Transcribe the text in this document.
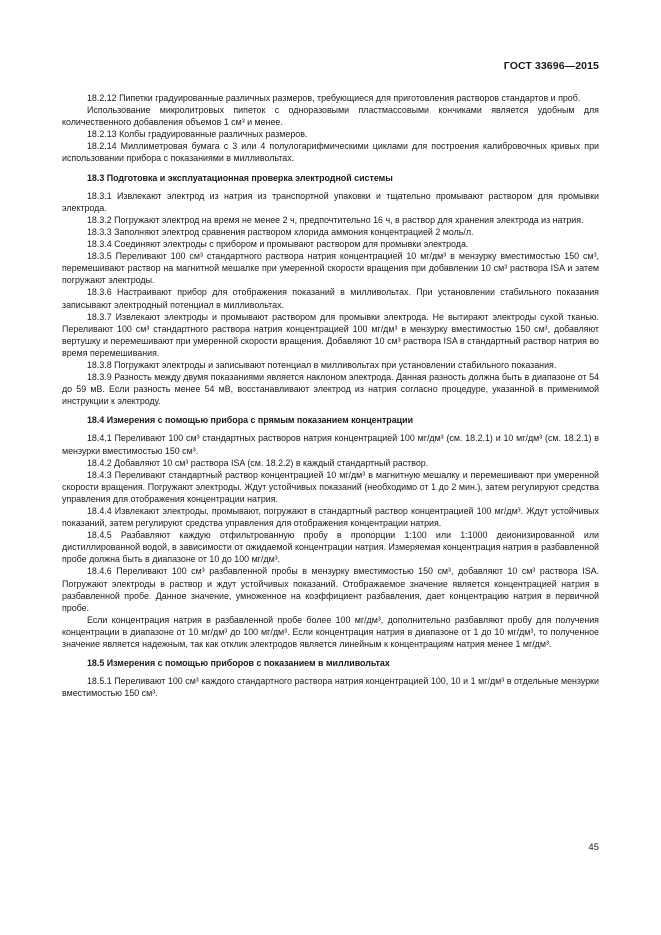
ГОСТ 33696—2015

18.2.12 Пипетки градуированные различных размеров, требующиеся для приготовления растворов стандартов и проб.

Использование микролитровых пипеток с одноразовыми пластмассовыми кончиками является удобным для количественного добавления объемов 1 см³ и менее.

18.2.13 Колбы градуированные различных размеров.

18.2.14 Миллиметровая бумага с 3 или 4 полулогарифмическими циклами для построения калибровочных кривых при использовании прибора с показаниями в милливольтах.

18.3 Подготовка и эксплуатационная проверка электродной системы

18.3.1 Извлекают электрод из натрия из транспортной упаковки и тщательно промывают раствором для промывки электрода.

18.3.2 Погружают электрод на время не менее 2 ч, предпочтительно 16 ч, в раствор для хранения электрода из натрия.

18.3.3 Заполняют электрод сравнения раствором хлорида аммония концентрацией 2 моль/л.

18.3.4 Соединяют электроды с прибором и промывают раствором для промывки электрода.

18.3.5 Переливают 100 см³ стандартного раствора натрия концентрацией 10 мг/дм³ в мензурку вместимостью 150 см³, перемешивают раствор на магнитной мешалке при умеренной скорости вращения при добавлении 10 см³ раствора ISA и затем погружают электроды.

18.3.6 Настраивают прибор для отображения показаний в милливольтах. При установлении стабильного показания записывают электродный потенциал в милливольтах.

18.3.7 Извлекают электроды и промывают раствором для промывки электрода. Не вытирают электроды сухой тканью. Переливают 100 см³ стандартного раствора натрия концентрацией 100 мг/дм³ в мензурку вместимостью 150 см³, добавляют вертушку и перемешивают при умеренной скорости вращения. Добавляют 10 см³ раствора ISA в стандартный раствор натрия во время перемешивания.

18.3.8 Погружают электроды и записывают потенциал в милливольтах при установлении стабильного показания.

18.3.9 Разность между двумя показаниями является наклоном электрода. Данная разность должна быть в диапазоне от 54 до 59 мВ. Если разность менее 54 мВ, восстанавливают электрод из натрия согласно процедуре, указанной в применимой инструкции к электроду.

18.4 Измерения с помощью прибора с прямым показанием концентрации

18.4.1 Переливают 100 см³ стандартных растворов натрия концентрацией 100 мг/дм³ (см. 18.2.1) и 10 мг/дм³ (см. 18.2.1) в мензурки вместимостью 150 см³.

18.4.2 Добавляют 10 см³ раствора ISA (см. 18.2.2) в каждый стандартный раствор.

18.4.3 Переливают стандартный раствор концентрацией 10 мг/дм³ в магнитную мешалку и перемешивают при умеренной скорости вращения. Погружают электроды. Ждут устойчивых показаний (необходимо от 1 до 2 мин.), затем регулируют средства управления для отображения концентрации натрия.

18.4.4 Извлекают электроды, промывают, погружают в стандартный раствор концентрацией 100 мг/дм³. Ждут устойчивых показаний, затем регулируют средства управления для отображения концентрации натрия.

18.4.5 Разбавляют каждую отфильтрованную пробу в пропорции 1:100 или 1:1000 деионизированной или дистиллированной водой, в зависимости от ожидаемой концентрации натрия. Измеряемая концентрация натрия в разбавленной пробе должна быть в диапазоне от 10 до 100 мг/дм³.

18.4.6 Переливают 100 см³ разбавленной пробы в мензурку вместимостью 150 см³, добавляют 10 см³ раствора ISA. Погружают электроды в раствор и ждут устойчивых показаний. Отображаемое значение является концентрацией натрия в разбавленной пробе. Данное значение, умноженное на коэффициент разбавления, дает концентрацию натрия в первичной пробе.

Если концентрация натрия в разбавленной пробе более 100 мг/дм³, дополнительно разбавляют пробу для получения концентрации в диапазоне от 10 мг/дм³ до 100 мг/дм³. Если концентрация натрия в диапазоне от 1 до 10 мг/дм³, то полученное значение является надежным, так как отклик электродов является линейным к концентрациям натрия менее 1 мг/дм³.

18.5 Измерения с помощью приборов с показанием в милливольтах

18.5.1 Переливают 100 см³ каждого стандартного раствора натрия концентрацией 100, 10 и 1 мг/дм³ в отдельные мензурки вместимостью 150 см³.

45
